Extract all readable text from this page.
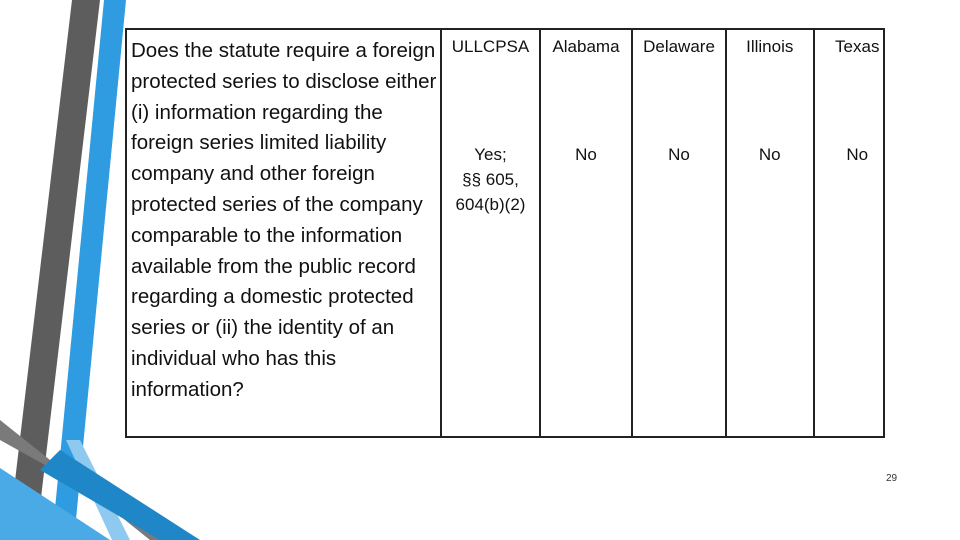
Does the statute require a foreign protected series to disclose either (i) information regarding the foreign series limited liability company and other foreign protected series of the company comparable to the information available from the public record regarding a domestic protected series or (ii) the identity of an individual who has this information?
ULLCPSA
Yes;
§§ 605,
604(b)(2)
Alabama
No
Delaware
No
Illinois
No
Texas
No
29
